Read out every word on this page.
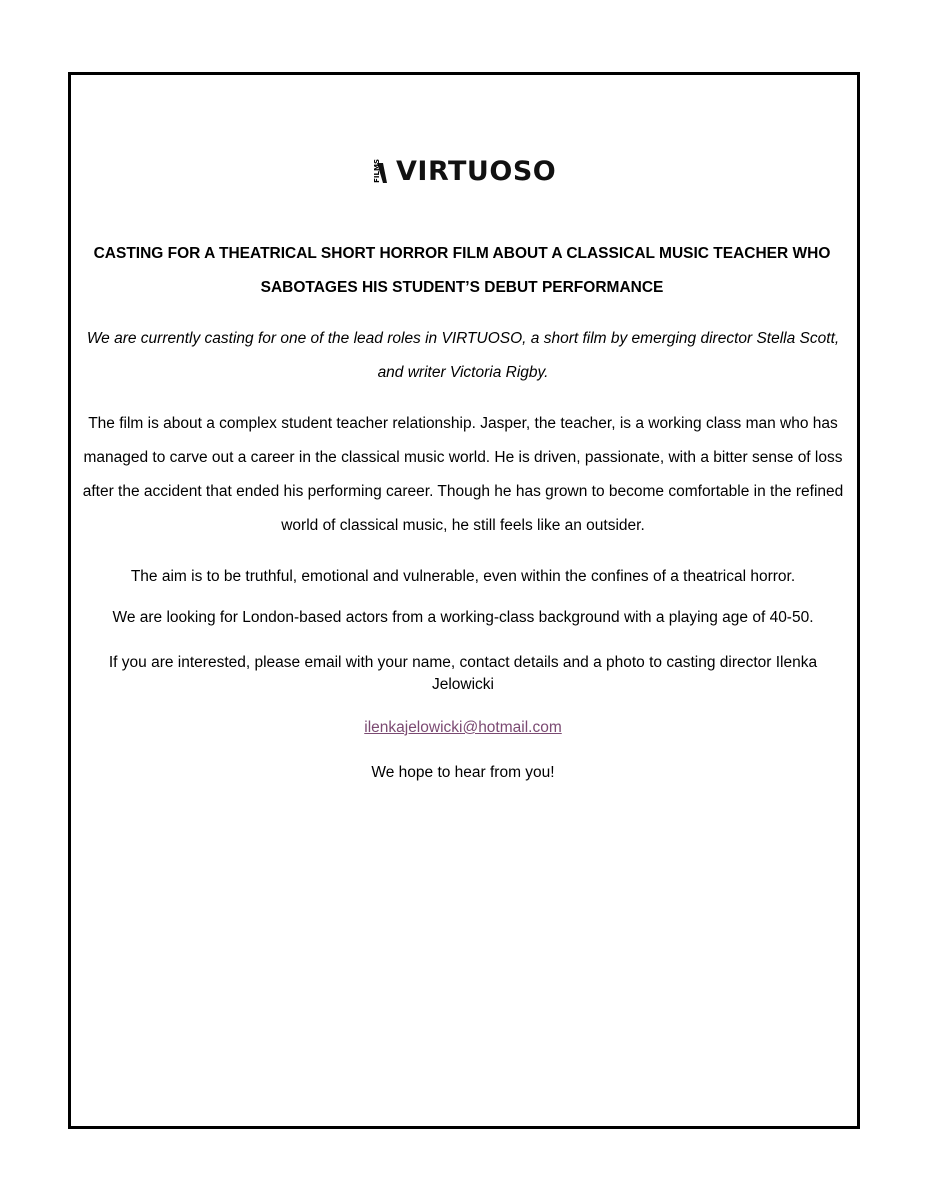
FILMS VIRTUOSO
CASTING FOR A THEATRICAL SHORT HORROR FILM ABOUT A CLASSICAL MUSIC TEACHER WHO
SABOTAGES HIS STUDENT’S DEBUT PERFORMANCE
We are currently casting for one of the lead roles in VIRTUOSO, a short film by emerging director Stella Scott, and writer Victoria Rigby.
The film is about a complex student teacher relationship. Jasper, the teacher, is a working class man who has managed to carve out a career in the classical music world. He is driven, passionate, with a bitter sense of loss after the accident that ended his performing career. Though he has grown to become comfortable in the refined world of classical music, he still feels like an outsider.
The aim is to be truthful, emotional and vulnerable, even within the confines of a theatrical horror.
We are looking for London-based actors from a working-class background with a playing age of 40-50.
If you are interested, please email with your name, contact details and a photo to casting director Ilenka Jelowicki
ilenkajelowicki@hotmail.com
We hope to hear from you!
